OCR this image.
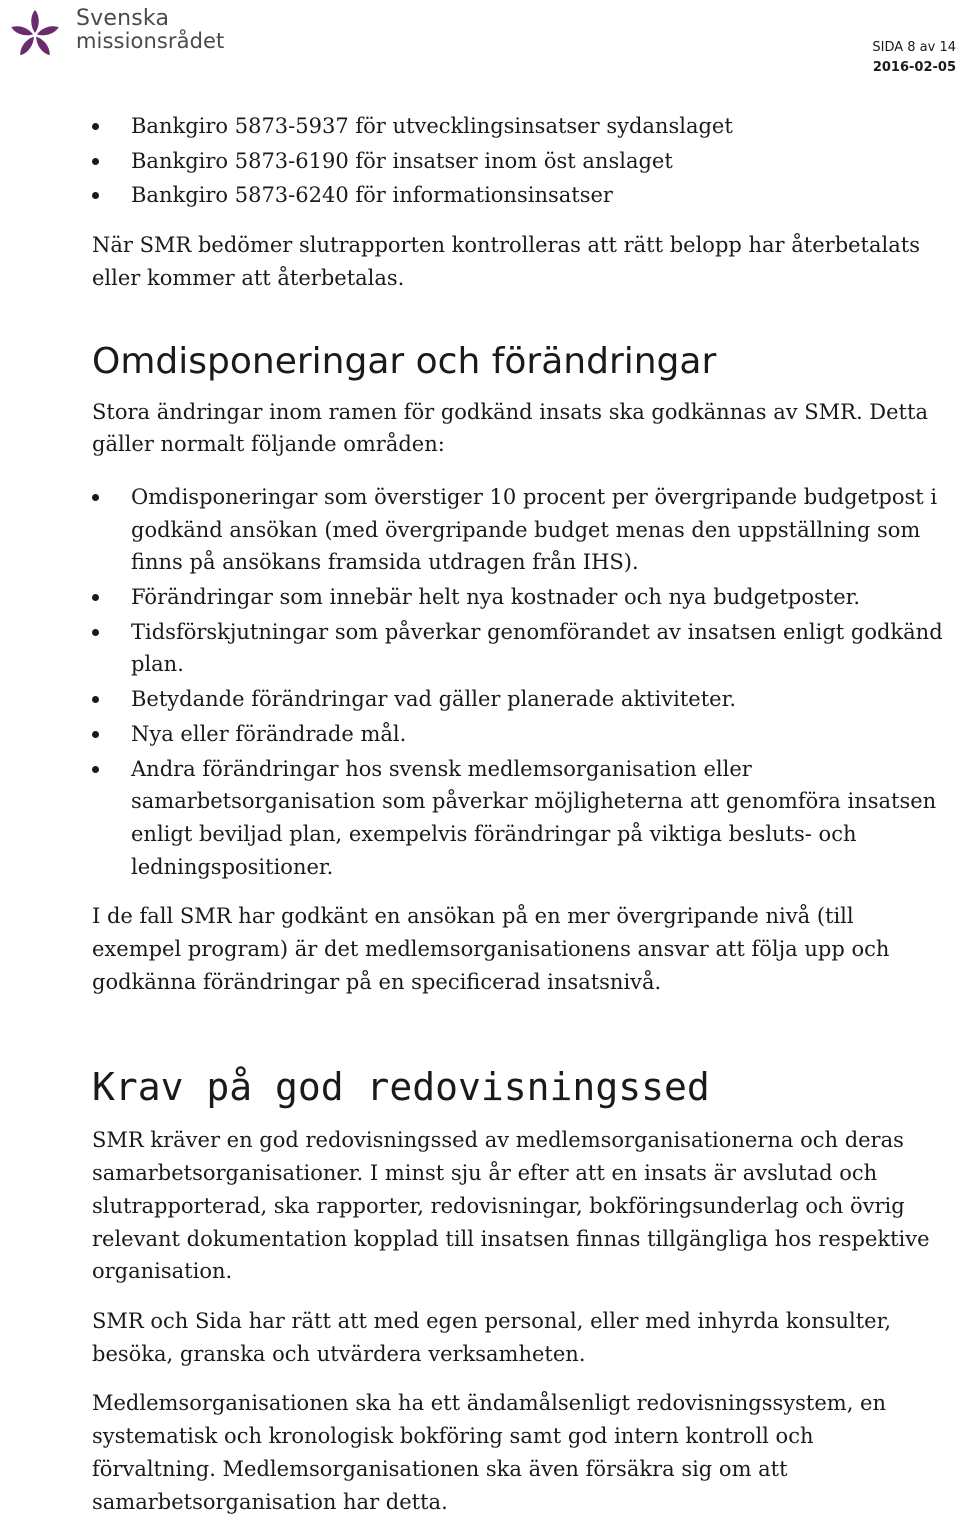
Svenska
missionsrådet	SIDA 8 av 14
2016-02-05
Bankgiro 5873-5937 för utvecklingsinsatser sydanslaget
Bankgiro 5873-6190 för insatser inom öst anslaget
Bankgiro 5873-6240 för informationsinsatser

När SMR bedömer slutrapporten kontrolleras att rätt belopp har återbetalats eller kommer att återbetalas.

Omdisponeringar och förändringar

Stora ändringar inom ramen för godkänd insats ska godkännas av SMR. Detta gäller normalt följande områden:

Omdisponeringar som överstiger 10 procent per övergripande budgetpost i godkänd ansökan (med övergripande budget menas den uppställning som finns på ansökans framsida utdragen från IHS).
Förändringar som innebär helt nya kostnader och nya budgetposter.
Tidsförskjutningar som påverkar genomförandet av insatsen enligt godkänd plan.
Betydande förändringar vad gäller planerade aktiviteter.
Nya eller förändrade mål.
Andra förändringar hos svensk medlemsorganisation eller samarbetsorganisation som påverkar möjligheterna att genomföra insatsen enligt beviljad plan, exempelvis förändringar på viktiga besluts- och ledningspositioner.

I de fall SMR har godkänt en ansökan på en mer övergripande nivå (till exempel program) är det medlemsorganisationens ansvar att följa upp och godkänna förändringar på en specificerad insatsnivå.

Krav på god redovisningssed

SMR kräver en god redovisningssed av medlemsorganisationerna och deras samarbetsorganisationer. I minst sju år efter att en insats är avslutad och slutrapporterad, ska rapporter, redovisningar, bokföringsunderlag och övrig relevant dokumentation kopplad till insatsen finnas tillgängliga hos respektive organisation.

SMR och Sida har rätt att med egen personal, eller med inhyrda konsulter, besöka, granska och utvärdera verksamheten.

Medlemsorganisationen ska ha ett ändamålsenligt redovisningssystem, en systematisk och kronologisk bokföring samt god intern kontroll och förvaltning. Medlemsorganisationen ska även försäkra sig om att samarbetsorganisation har detta.
